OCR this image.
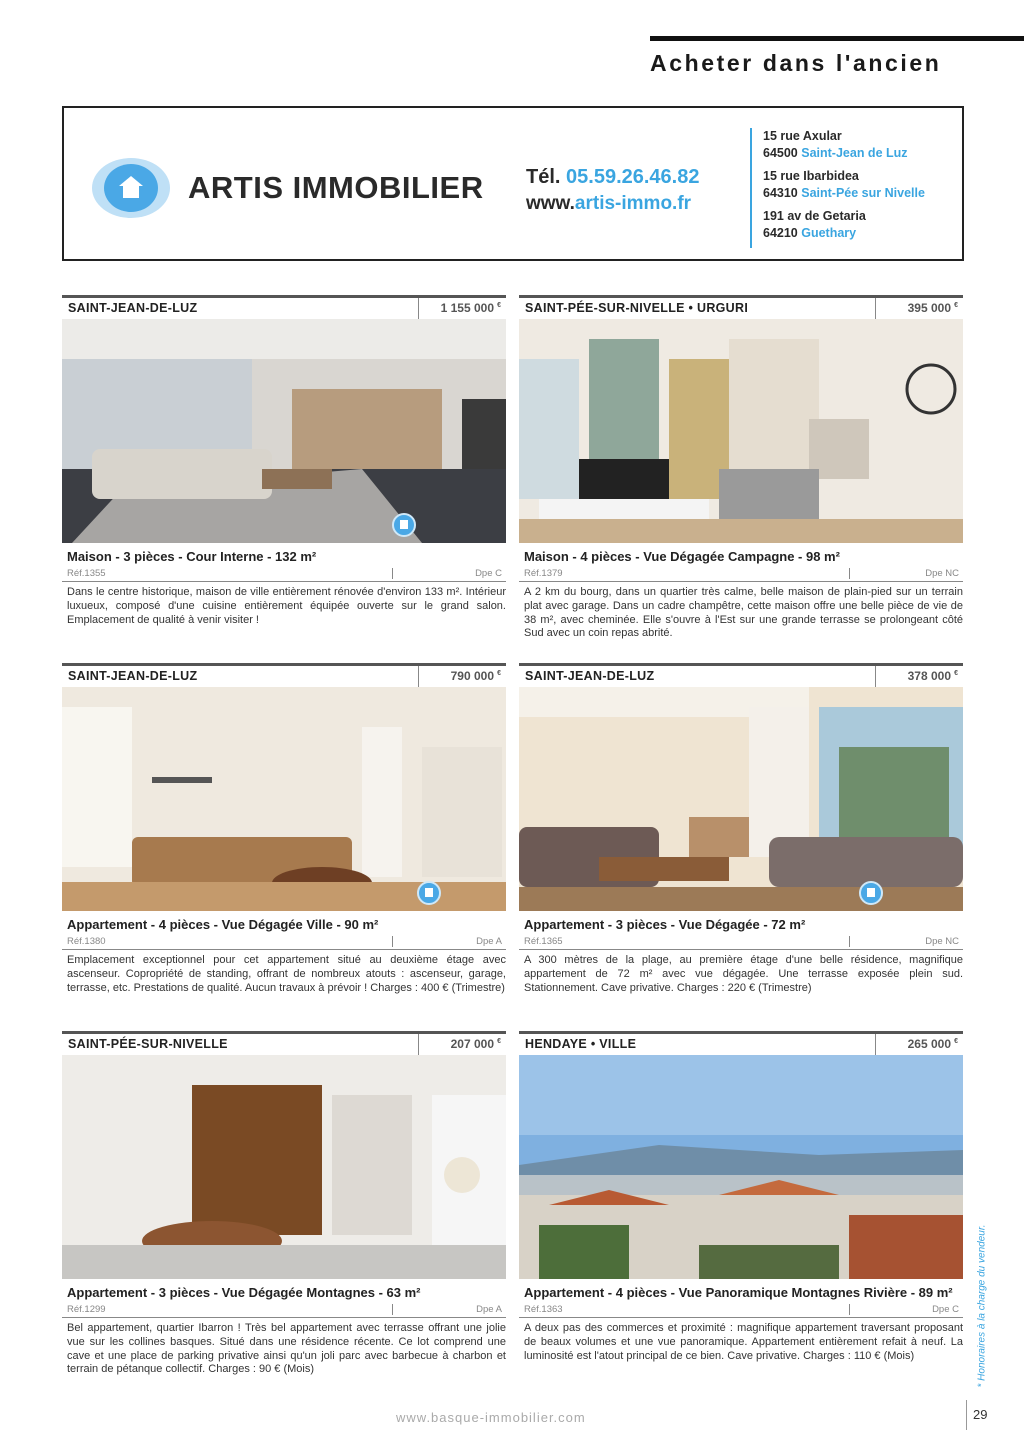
Acheter dans l'ancien
ARTIS IMMOBILIER Tél. 05.59.26.46.82
www.artis-immo.fr
15 rue Axular
64500 Saint-Jean de Luz
15 rue Ibarbidea
64310 Saint-Pée sur Nivelle
191 av de Getaria
64210 Guethary
SAINT-JEAN-DE-LUZ	1 155 000 €
Maison - 3 pièces - Cour Interne - 132 m²
Réf.1355	Dpe C
Dans le centre historique, maison de ville entièrement rénovée d'environ 133 m². Intérieur luxueux, composé d'une cuisine entièrement équipée ouverte sur le grand salon. Emplacement de qualité à venir visiter !
SAINT-PÉE-SUR-NIVELLE • URGURI	395 000 €
Maison - 4 pièces - Vue Dégagée Campagne - 98 m²
Réf.1379	Dpe NC
A 2 km du bourg, dans un quartier très calme, belle maison de plain-pied sur un terrain plat avec garage. Dans un cadre champêtre, cette maison offre une belle pièce de vie de 38 m², avec cheminée. Elle s'ouvre à l'Est sur une grande terrasse se prolongeant côté Sud avec un coin repas abrité.
SAINT-JEAN-DE-LUZ	790 000 €
Appartement - 4 pièces - Vue Dégagée Ville - 90 m²
Réf.1380	Dpe A
Emplacement exceptionnel pour cet appartement situé au deuxième étage avec ascenseur. Copropriété de standing, offrant de nombreux atouts : ascenseur, garage, terrasse, etc. Prestations de qualité. Aucun travaux à prévoir ! Charges : 400 € (Trimestre)
SAINT-JEAN-DE-LUZ	378 000 €
Appartement - 3 pièces - Vue Dégagée - 72 m²
Réf.1365	Dpe NC
A 300 mètres de la plage, au première étage d'une belle résidence, magnifique appartement de 72 m² avec vue dégagée. Une terrasse exposée plein sud. Stationnement. Cave privative. Charges : 220 € (Trimestre)
SAINT-PÉE-SUR-NIVELLE	207 000 €
Appartement - 3 pièces - Vue Dégagée Montagnes - 63 m²
Réf.1299	Dpe A
Bel appartement, quartier Ibarron ! Très bel appartement avec terrasse offrant une jolie vue sur les collines basques. Situé dans une résidence récente. Ce lot comprend une cave et une place de parking privative ainsi qu'un joli parc avec barbecue à charbon et terrain de pétanque collectif. Charges : 90 € (Mois)
HENDAYE • VILLE	265 000 €
Appartement - 4 pièces - Vue Panoramique Montagnes Rivière - 89 m²
Réf.1363	Dpe C
A deux pas des commerces et proximité : magnifique appartement traversant proposant de beaux volumes et une vue panoramique. Appartement entièrement refait à neuf. La luminosité est l'atout principal de ce bien. Cave privative. Charges : 110 € (Mois)	* Honoraires à la charge du vendeur.
www.basque-immobilier.com	29
